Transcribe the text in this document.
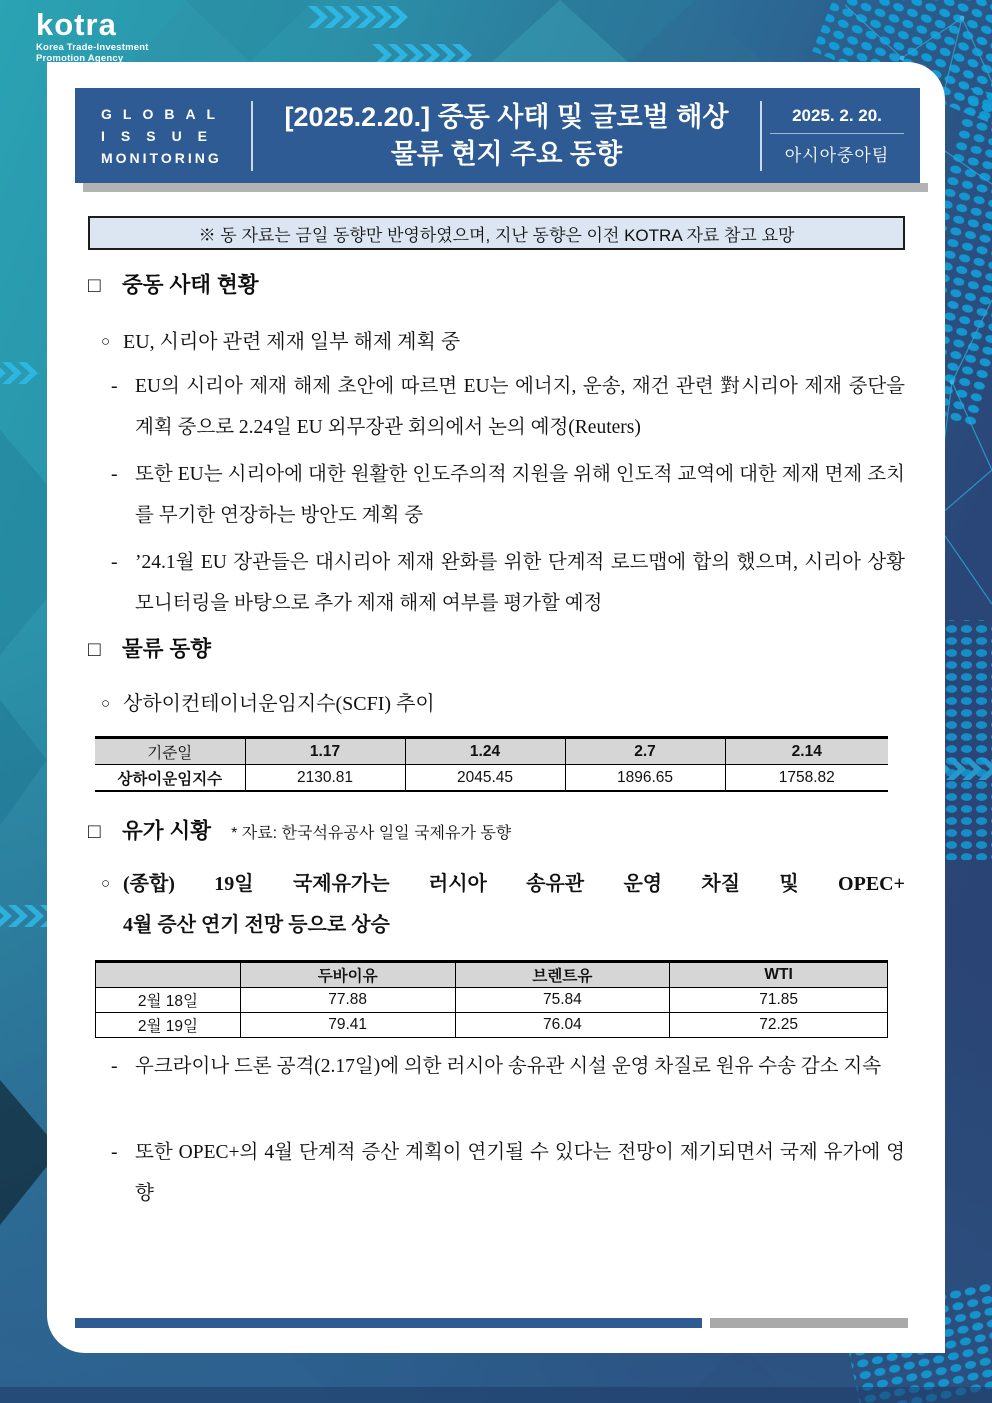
kotra
Korea Trade-Investment
Promotion Agency
GLOBAL
ISSUE
MONITORING
[2025.2.20.] 중동 사태 및 글로벌 해상
물류 현지 주요 동향
2025. 2. 20.
아시아중아팀
※ 동 자료는 금일 동향만 반영하였으며, 지난 동향은 이전 KOTRA 자료 참고 요망
□ 중동 사태 현황
○ EU, 시리아 관련 제재 일부 해제 계획 중
- EU의 시리아 제재 해제 초안에 따르면 EU는 에너지, 운송, 재건 관련 對시리아 제재 중단을 계획 중으로 2.24일 EU 외무장관 회의에서 논의 예정(Reuters)
- 또한 EU는 시리아에 대한 원활한 인도주의적 지원을 위해 인도적 교역에 대한 제재 면제 조치를 무기한 연장하는 방안도 계획 중
- ’24.1월 EU 장관들은 대시리아 제재 완화를 위한 단계적 로드맵에 합의 했으며, 시리아 상황 모니터링을 바탕으로 추가 제재 해제 여부를 평가할 예정
□ 물류 동향
○ 상하이컨테이너운임지수(SCFI) 추이
기준일	1.17	1.24	2.7	2.14
상하이운임지수	2130.81	2045.45	1896.65	1758.82
□ 유가 시황 * 자료: 한국석유공사 일일 국제유가 동향
○ (종합) 19일 국제유가는 러시아 송유관 운영 차질 및 OPEC+
4월 증산 연기 전망 등으로 상승
	두바이유	브렌트유	WTI
2월 18일	77.88	75.84	71.85
2월 19일	79.41	76.04	72.25
- 우크라이나 드론 공격(2.17일)에 의한 러시아 송유관 시설 운영 차질로 원유 수송 감소 지속
- 또한 OPEC+의 4월 단계적 증산 계획이 연기될 수 있다는 전망이 제기되면서 국제 유가에 영향
